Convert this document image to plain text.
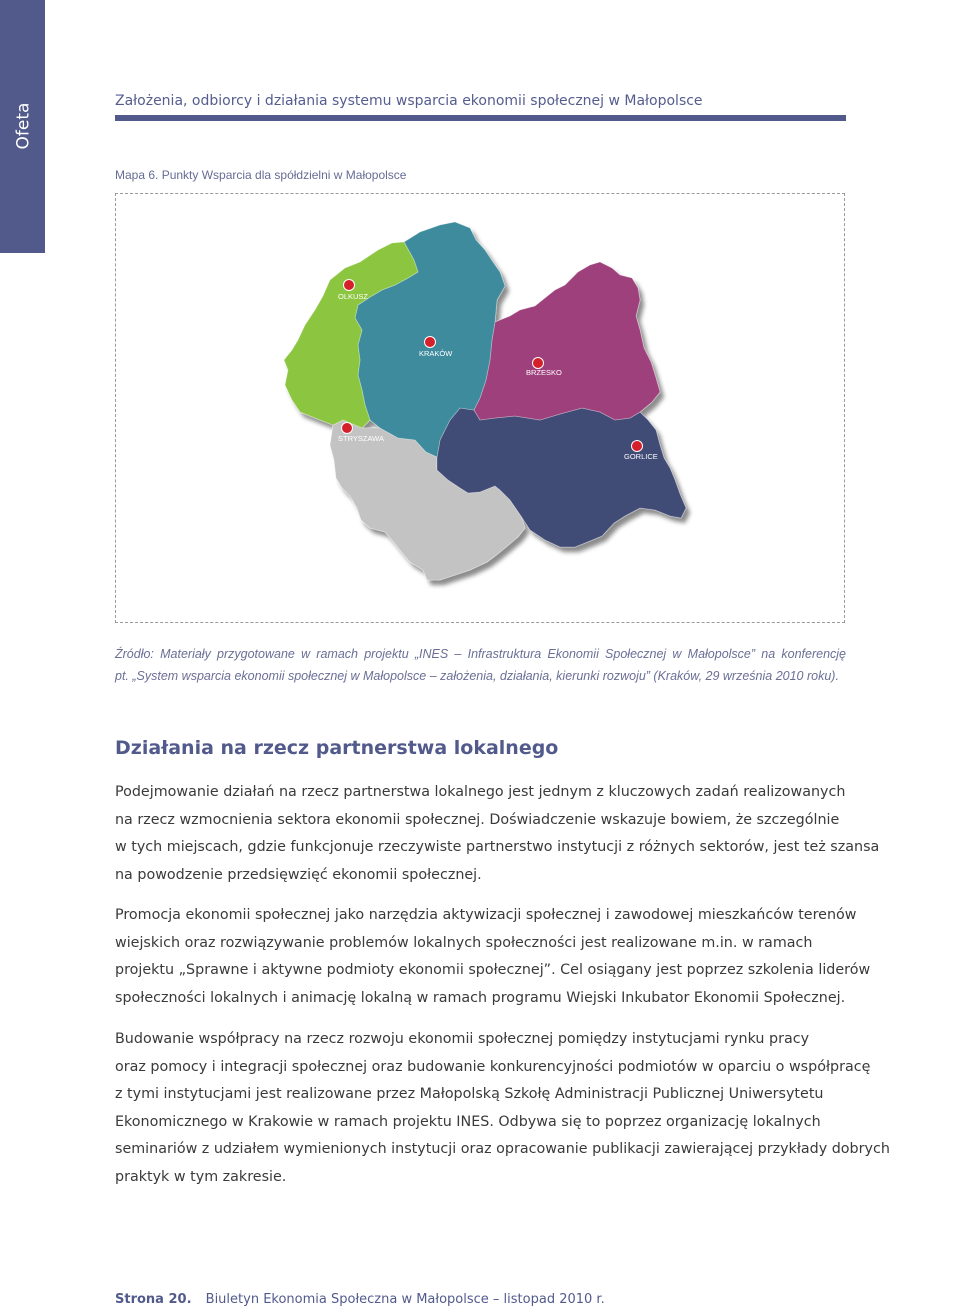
Ofeta
Założenia, odbiorcy i działania systemu wsparcia ekonomii społecznej w Małopolsce
Mapa 6. Punkty Wsparcia dla spółdzielni w Małopolsce
OLKUSZ
KRAKÓW
BRZESKO
STRYSZAWA
GORLICE

Źródło: Materiały przygotowane w ramach projektu „INES – Infrastruktura Ekonomii Społecznej w Małopolsce” na konferencję

pt. „System wsparcia ekonomii społecznej w Małopolsce – założenia, działania, kierunki rozwoju” (Kraków, 29 września 2010 roku).

Działania na rzecz partnerstwa lokalnego
Podejmowanie działań na rzecz partnerstwa lokalnego jest jednym z kluczowych zadań realizowanych
na rzecz wzmocnienia sektora ekonomii społecznej. Doświadczenie wskazuje bowiem, że szczególnie
w tych miejscach, gdzie funkcjonuje rzeczywiste partnerstwo instytucji z różnych sektorów, jest też szansa
na powodzenie przedsięwzięć ekonomii społecznej.
Promocja ekonomii społecznej jako narzędzia aktywizacji społecznej i zawodowej mieszkańców terenów
wiejskich oraz rozwiązywanie problemów lokalnych społeczności jest realizowane m.in. w ramach
projektu „Sprawne i aktywne podmioty ekonomii społecznej”. Cel osiągany jest poprzez szkolenia liderów
społeczności lokalnych i animację lokalną w ramach programu Wiejski Inkubator Ekonomii Społecznej.
Budowanie współpracy na rzecz rozwoju ekonomii społecznej pomiędzy instytucjami rynku pracy
oraz pomocy i integracji społecznej oraz budowanie konkurencyjności podmiotów w oparciu o współpracę
z tymi instytucjami jest realizowane przez Małopolską Szkołę Administracji Publicznej Uniwersytetu
Ekonomicznego w Krakowie w ramach projektu INES. Odbywa się to poprzez organizację lokalnych
seminariów z udziałem wymienionych instytucji oraz opracowanie publikacji zawierającej przykłady dobrych
praktyk w tym zakresie.
Strona 20. Biuletyn Ekonomia Społeczna w Małopolsce – listopad 2010 r.
